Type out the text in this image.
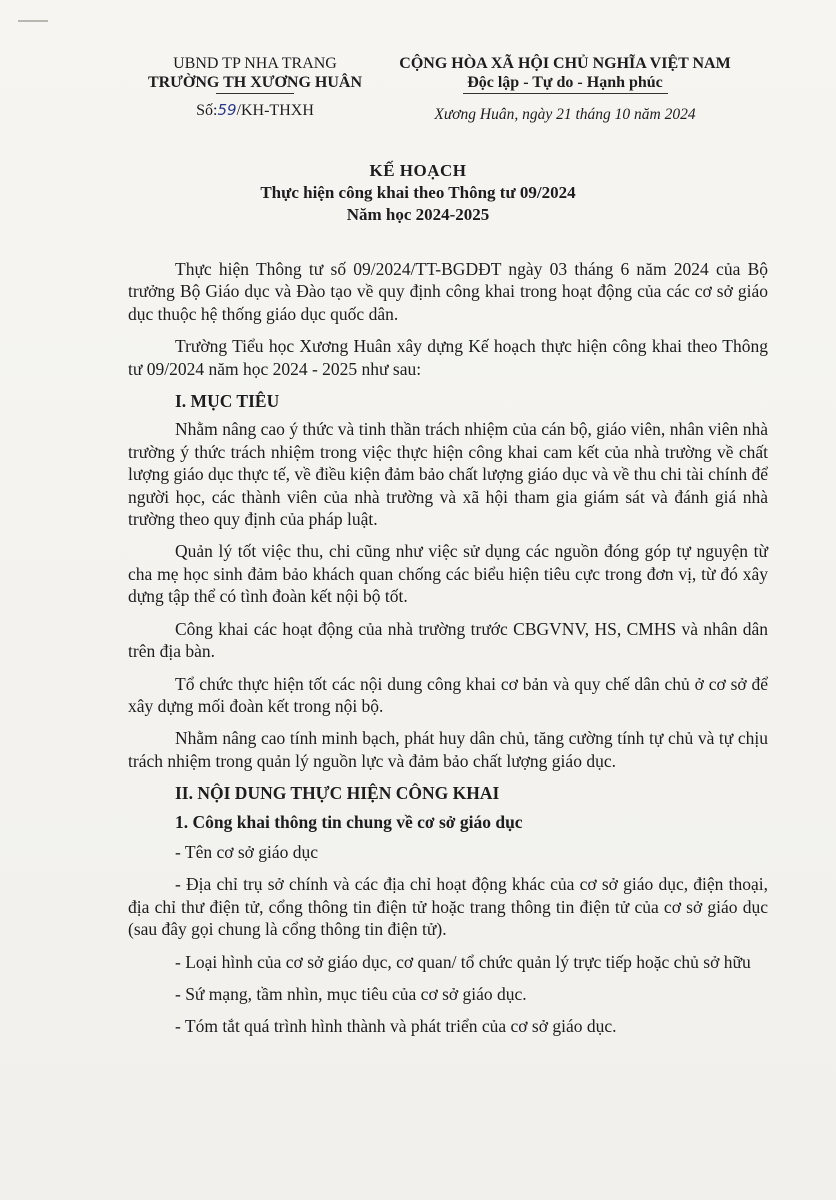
UBND TP NHA TRANG
TRƯỜNG TH XƯƠNG HUÂN
Số:59/KH-THXH
CỘNG HÒA XÃ HỘI CHỦ NGHĨA VIỆT NAM
Độc lập - Tự do - Hạnh phúc
Xương Huân, ngày 21 tháng 10 năm 2024
KẾ HOẠCH
Thực hiện công khai theo Thông tư 09/2024
Năm học 2024-2025

Thực hiện Thông tư số 09/2024/TT-BGDĐT ngày 03 tháng 6 năm 2024 của Bộ trưởng Bộ Giáo dục và Đào tạo về quy định công khai trong hoạt động của các cơ sở giáo dục thuộc hệ thống giáo dục quốc dân.

Trường Tiểu học Xương Huân xây dựng Kế hoạch thực hiện công khai theo Thông tư 09/2024 năm học 2024 - 2025 như sau:

I. MỤC TIÊU

Nhằm nâng cao ý thức và tinh thần trách nhiệm của cán bộ, giáo viên, nhân viên nhà trường ý thức trách nhiệm trong việc thực hiện công khai cam kết của nhà trường về chất lượng giáo dục thực tế, về điều kiện đảm bảo chất lượng giáo dục và về thu chi tài chính để người học, các thành viên của nhà trường và xã hội tham gia giám sát và đánh giá nhà trường theo quy định của pháp luật.

Quản lý tốt việc thu, chi cũng như việc sử dụng các nguồn đóng góp tự nguyện từ cha mẹ học sinh đảm bảo khách quan chống các biểu hiện tiêu cực trong đơn vị, từ đó xây dựng tập thể có tình đoàn kết nội bộ tốt.

Công khai các hoạt động của nhà trường trước CBGVNV, HS, CMHS và nhân dân trên địa bàn.

Tổ chức thực hiện tốt các nội dung công khai cơ bản và quy chế dân chủ ở cơ sở để xây dựng mối đoàn kết trong nội bộ.

Nhằm nâng cao tính minh bạch, phát huy dân chủ, tăng cường tính tự chủ và tự chịu trách nhiệm trong quản lý nguồn lực và đảm bảo chất lượng giáo dục.

II. NỘI DUNG THỰC HIỆN CÔNG KHAI
1. Công khai thông tin chung về cơ sở giáo dục

- Tên cơ sở giáo dục

- Địa chỉ trụ sở chính và các địa chỉ hoạt động khác của cơ sở giáo dục, điện thoại, địa chỉ thư điện tử, cổng thông tin điện tử hoặc trang thông tin điện tử của cơ sở giáo dục (sau đây gọi chung là cổng thông tin điện tử).

- Loại hình của cơ sở giáo dục, cơ quan/ tổ chức quản lý trực tiếp hoặc chủ sở hữu

- Sứ mạng, tầm nhìn, mục tiêu của cơ sở giáo dục.

- Tóm tắt quá trình hình thành và phát triển của cơ sở giáo dục.
